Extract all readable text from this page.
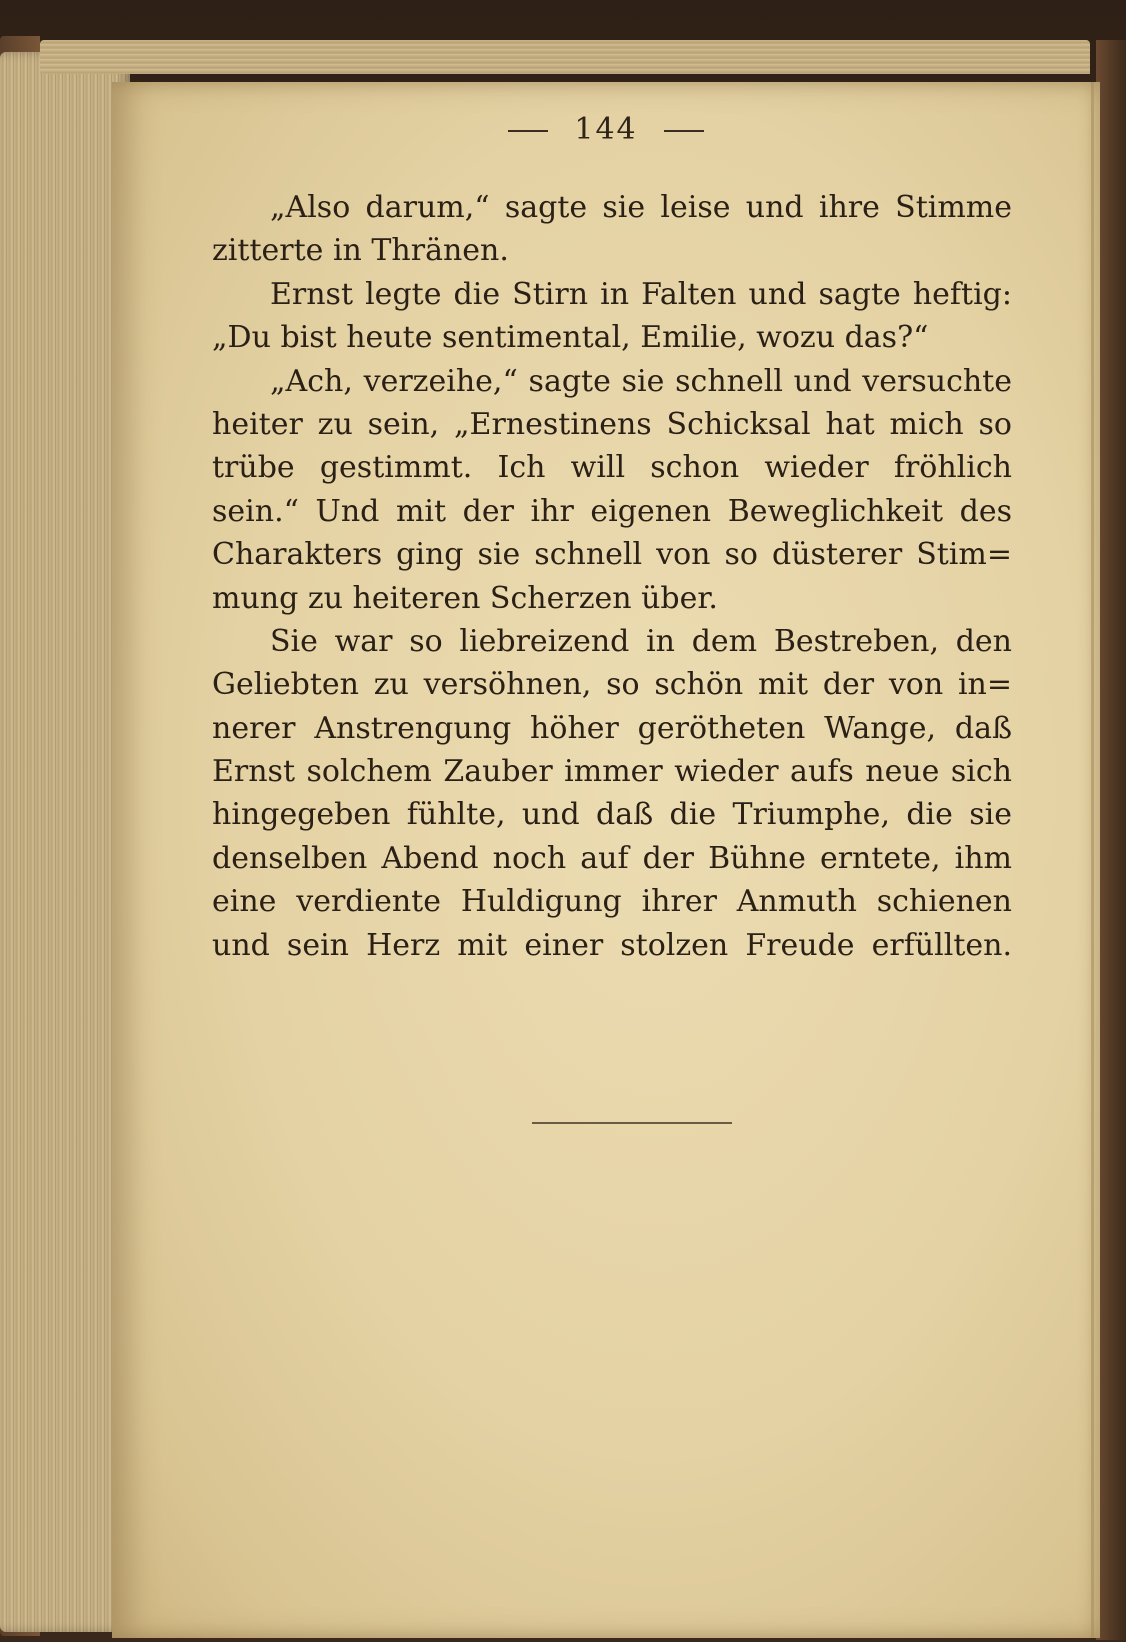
144
„Also darum,“ sagte sie leise und ihre Stimme
zitterte in Thränen.
Ernst legte die Stirn in Falten und sagte heftig:
„Du bist heute sentimental, Emilie, wozu das?“
„Ach, verzeihe,“ sagte sie schnell und versuchte
heiter zu sein, „Ernestinens Schicksal hat mich so
trübe gestimmt. Ich will schon wieder fröhlich
sein.“ Und mit der ihr eigenen Beweglichkeit des
Charakters ging sie schnell von so düsterer Stim=
mung zu heiteren Scherzen über.
Sie war so liebreizend in dem Bestreben, den
Geliebten zu versöhnen, so schön mit der von in=
nerer Anstrengung höher gerötheten Wange, daß
Ernst solchem Zauber immer wieder aufs neue sich
hingegeben fühlte, und daß die Triumphe, die sie
denselben Abend noch auf der Bühne erntete, ihm
eine verdiente Huldigung ihrer Anmuth schienen
und sein Herz mit einer stolzen Freude erfüllten.
